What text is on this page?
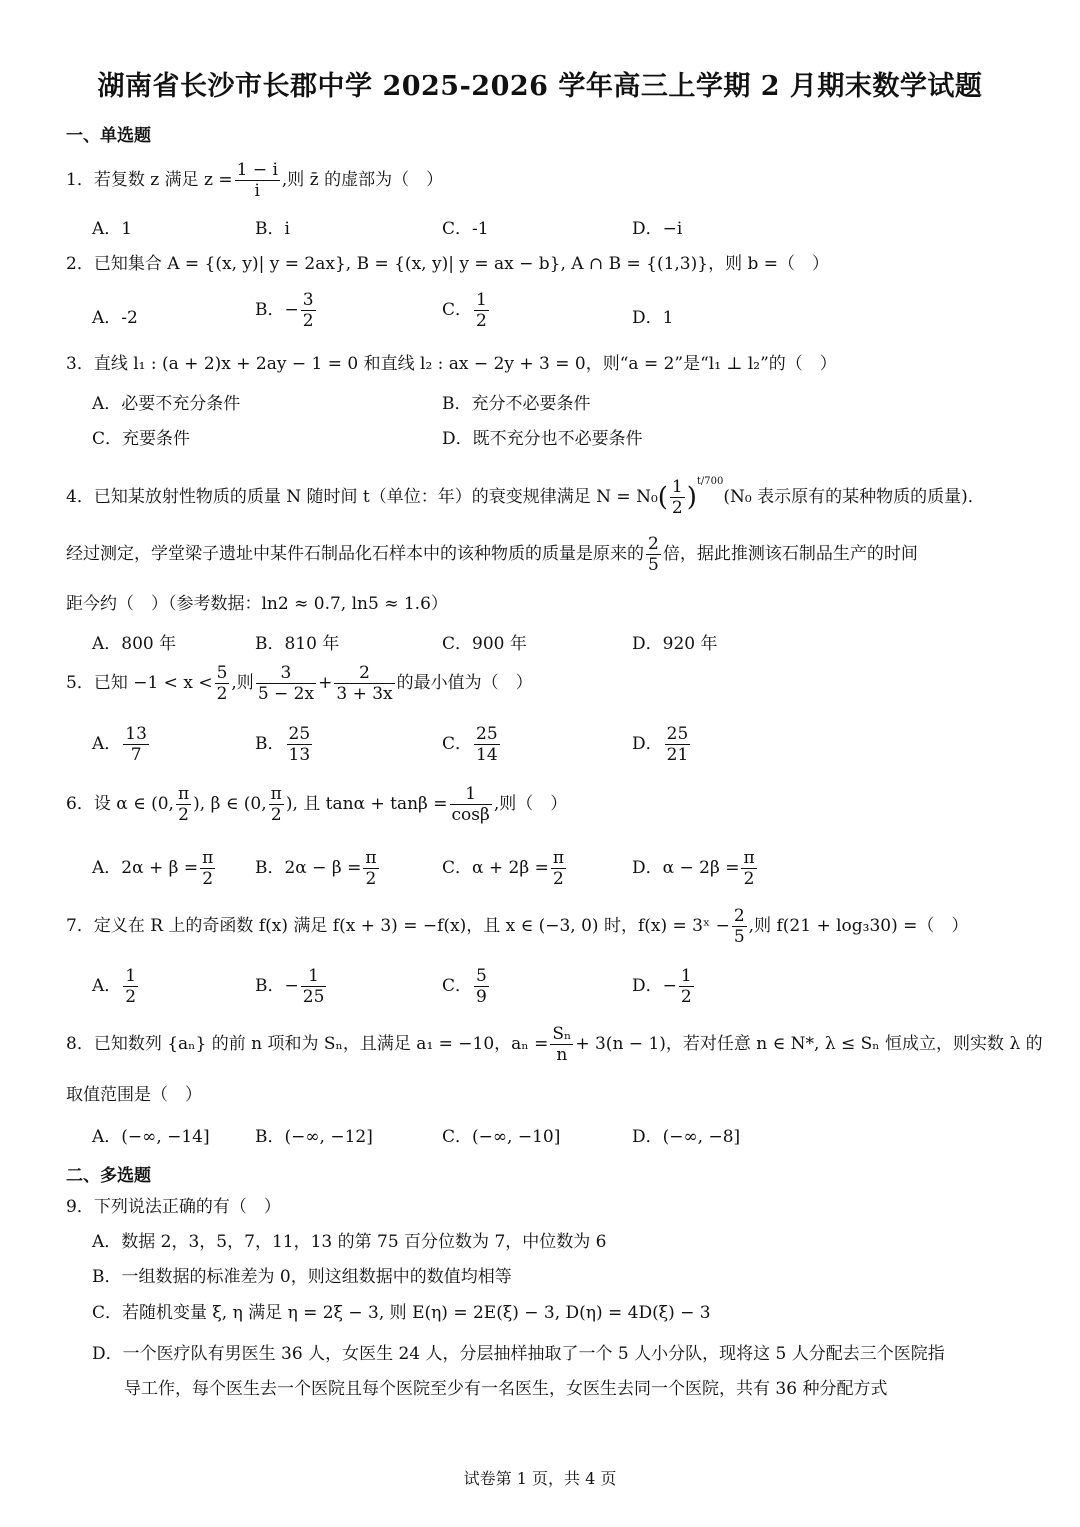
湖南省长沙市长郡中学 2025-2026 学年高三上学期 2 月期末数学试题
一、单选题
1．若复数 z 满足 $z = \frac{1 - i}{i}$ ,则 z̄ 的虚部为（　）
A．1	B．i	C．-1	D．−i
2．已知集合 A = {(x, y)| y = 2ax}, B = {(x, y)| y = ax − b}, A ∩ B = {(1,3)}，则 b =（　）
A．-2	B．− $\frac{3}{2}$	C． $\frac{1}{2}$	D．1
3．直线 l₁ : (a + 2)x + 2ay − 1 = 0 和直线 l₂ : ax − 2y + 3 = 0，则“a = 2”是“l₁ ⊥ l₂”的（　）
A．必要不充分条件	B．充分不必要条件
C．充要条件	D．既不充分也不必要条件
4．已知某放射性物质的质量 N 随时间 t（单位：年）的衰变规律满足 $N = N_0( \frac{1}{2} )^{t/700}(N_0$ 表示原有的某种物质的质量)．
经过测定，学堂梁子遗址中某件石制品化石样本中的该种物质的质量是原来的 $\frac{2}{5}$ 倍，据此推测该石制品生产的时间
距今约（　）（参考数据：ln2 ≈ 0.7, ln5 ≈ 1.6）
A．800 年	B．810 年	C．900 年	D．920 年
5．已知 $-1 < x < \frac{5}{2}$ ,则 $\frac{3}{5 - 2x} + \frac{2}{3 + 3x}$ 的最小值为（　）
A． $\frac{13}{7}$	B． $\frac{25}{13}$	C． $\frac{25}{14}$	D． $\frac{25}{21}$
6．设 α ∈ (0, $\frac{\pi}{2}$ ), β ∈ (0, $\frac{\pi}{2}$ ), 且 $\tan\alpha + \tan\beta = \frac{1}{\cos\beta}$ ,则（　）
A．$2\alpha + \beta = \frac{\pi}{2}$ B．$2\alpha - \beta = \frac{\pi}{2}$	C．$\alpha + 2\beta = \frac{\pi}{2}$	D．$\alpha - 2\beta = \frac{\pi}{2}$
7．定义在 R 上的奇函数 f(x) 满足 f(x + 3) = −f(x)，且 x ∈ (−3, 0) 时，f(x) = 3ˣ − $\frac{2}{5}$ ,则 f(21 + log₃30) =（　）
A． $\frac{1}{2}$	B．− $\frac{1}{25}$	C． $\frac{5}{9}$	D．− $\frac{1}{2}$
8．已知数列 {aₙ} 的前 n 项和为 Sₙ，且满足 a₁ = −10，$a_n = \frac{\text{Sₙ}}{n} + 3(n - 1)$，若对任意 n ∈ N*, λ ≤ Sₙ 恒成立，则实数 λ 的
取值范围是（　）
A．(−∞, −14]	B．(−∞, −12]	C．(−∞, −10]	D．(−∞, −8]
二、多选题
9．下列说法正确的有（　）
A．数据 2，3，5，7，11，13 的第 75 百分位数为 7，中位数为 6
B．一组数据的标准差为 0，则这组数据中的数值均相等
C．若随机变量 ξ, η 满足 η = 2ξ − 3, 则 E(η) = 2E(ξ) − 3, D(η) = 4D(ξ) − 3
D．一个医疗队有男医生 36 人，女医生 24 人，分层抽样抽取了一个 5 人小分队，现将这 5 人分配去三个医院指
导工作，每个医生去一个医院且每个医院至少有一名医生，女医生去同一个医院，共有 36 种分配方式
试卷第 1 页，共 4 页
